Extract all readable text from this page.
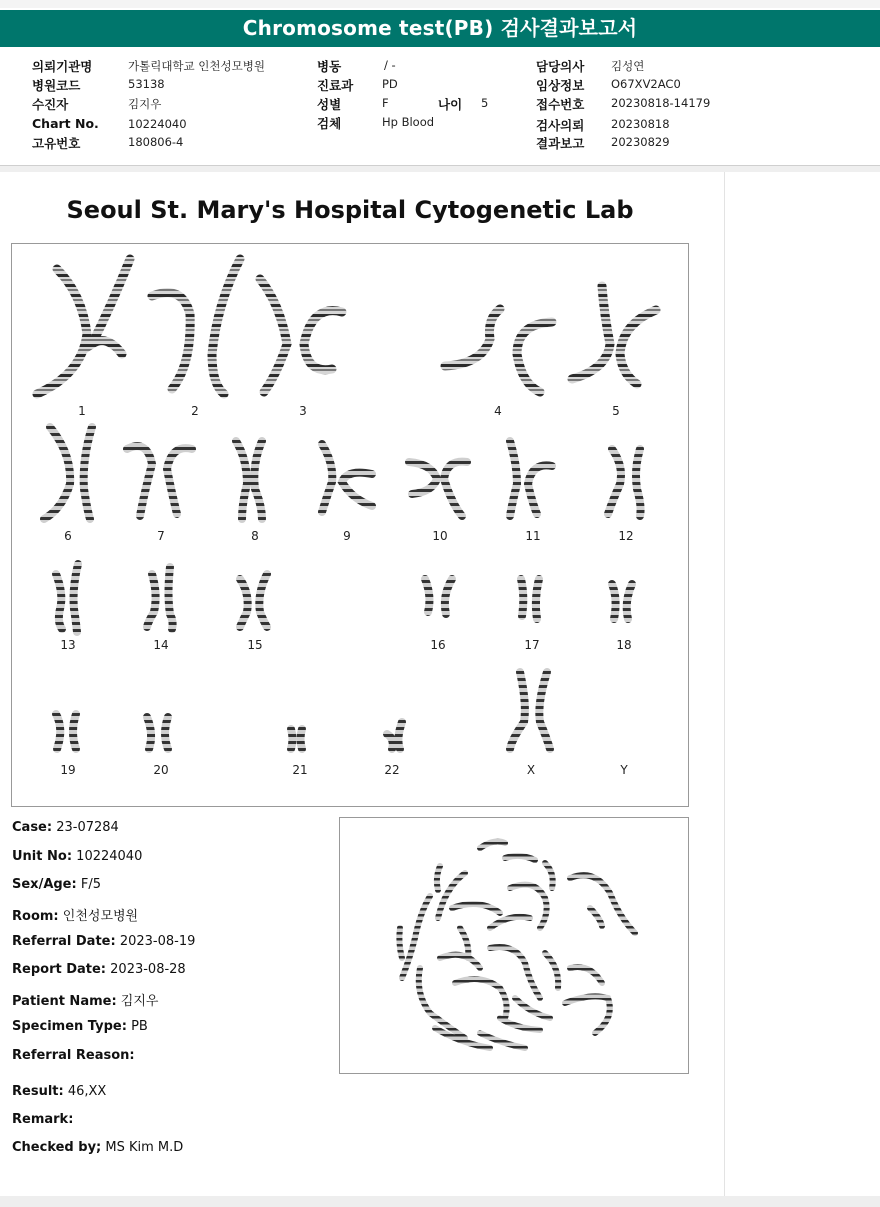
Chromosome test(PB) 검사결과보고서
의뢰기관명	가톨릭대학교 인천성모병원
병원코드	53138
수진자	김지우
Chart No.	10224040
고유번호	180806-4
병동	/ -
진료과	PD
성별	F	나이 5
검체	Hp Blood
담당의사 김성연
임상정보 O67XV2AC0
접수번호 20230818-14179
검사의뢰 20230818
결과보고 20230829
Seoul St. Mary's Hospital Cytogenetic Lab
1	2	3	4	5
6	7	8	9	10	11	12
13	14	15	16	17	18
19	20	21	22	X	Y
Case: 23-07284
Unit No: 10224040
Sex/Age: F/5
Room: 인천성모병원
Referral Date: 2023-08-19
Report Date: 2023-08-28
Patient Name: 김지우
Specimen Type: PB
Referral Reason:
Result: 46,XX
Remark:
Checked by; MS Kim M.D
